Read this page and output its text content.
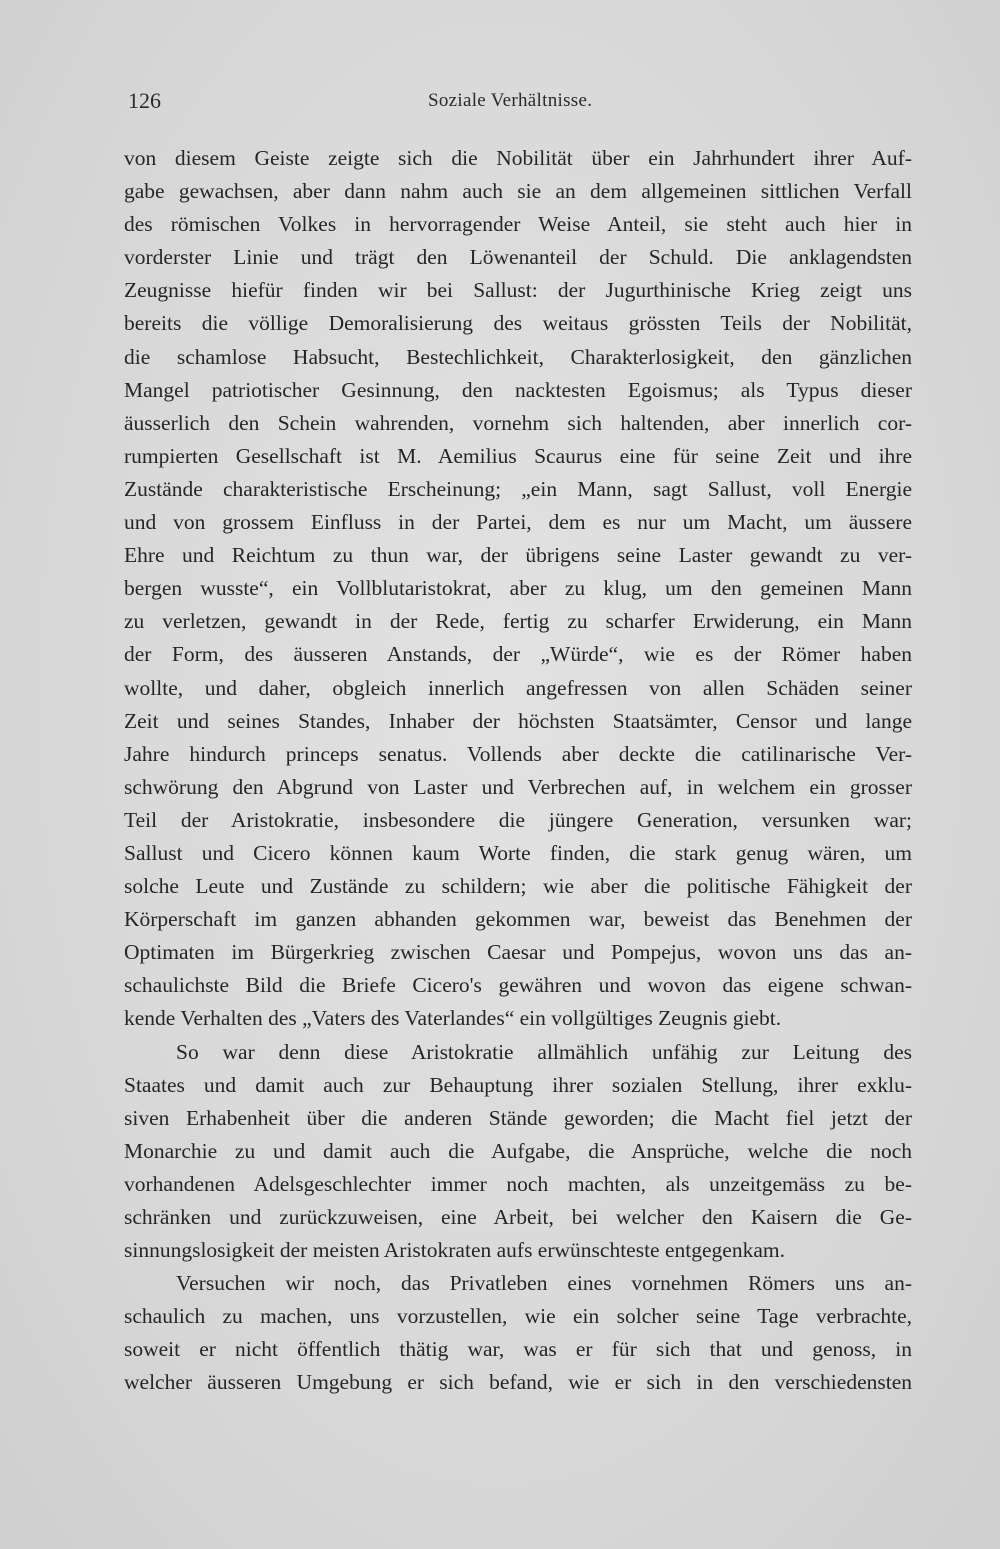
126	Soziale Verhältnisse.
von diesem Geiste zeigte sich die Nobilität über ein Jahrhundert ihrer Auf-
gabe gewachsen, aber dann nahm auch sie an dem allgemeinen sittlichen Verfall
des römischen Volkes in hervorragender Weise Anteil, sie steht auch hier in
vorderster Linie und trägt den Löwenanteil der Schuld. Die anklagendsten
Zeugnisse hiefür finden wir bei Sallust: der Jugurthinische Krieg zeigt uns
bereits die völlige Demoralisierung des weitaus grössten Teils der Nobilität,
die schamlose Habsucht, Bestechlichkeit, Charakterlosigkeit, den gänzlichen
Mangel patriotischer Gesinnung, den nacktesten Egoismus; als Typus dieser
äusserlich den Schein wahrenden, vornehm sich haltenden, aber innerlich cor-
rumpierten Gesellschaft ist M. Aemilius Scaurus eine für seine Zeit und ihre
Zustände charakteristische Erscheinung; „ein Mann, sagt Sallust, voll Energie
und von grossem Einfluss in der Partei, dem es nur um Macht, um äussere
Ehre und Reichtum zu thun war, der übrigens seine Laster gewandt zu ver-
bergen wusste“, ein Vollblutaristokrat, aber zu klug, um den gemeinen Mann
zu verletzen, gewandt in der Rede, fertig zu scharfer Erwiderung, ein Mann
der Form, des äusseren Anstands, der „Würde“, wie es der Römer haben
wollte, und daher, obgleich innerlich angefressen von allen Schäden seiner
Zeit und seines Standes, Inhaber der höchsten Staatsämter, Censor und lange
Jahre hindurch princeps senatus. Vollends aber deckte die catilinarische Ver-
schwörung den Abgrund von Laster und Verbrechen auf, in welchem ein grosser
Teil der Aristokratie, insbesondere die jüngere Generation, versunken war;
Sallust und Cicero können kaum Worte finden, die stark genug wären, um
solche Leute und Zustände zu schildern; wie aber die politische Fähigkeit der
Körperschaft im ganzen abhanden gekommen war, beweist das Benehmen der
Optimaten im Bürgerkrieg zwischen Caesar und Pompejus, wovon uns das an-
schaulichste Bild die Briefe Cicero's gewähren und wovon das eigene schwan-
kende Verhalten des „Vaters des Vaterlandes“ ein vollgültiges Zeugnis giebt.
So war denn diese Aristokratie allmählich unfähig zur Leitung des
Staates und damit auch zur Behauptung ihrer sozialen Stellung, ihrer exklu-
siven Erhabenheit über die anderen Stände geworden; die Macht fiel jetzt der
Monarchie zu und damit auch die Aufgabe, die Ansprüche, welche die noch
vorhandenen Adelsgeschlechter immer noch machten, als unzeitgemäss zu be-
schränken und zurückzuweisen, eine Arbeit, bei welcher den Kaisern die Ge-
sinnungslosigkeit der meisten Aristokraten aufs erwünschteste entgegenkam.
Versuchen wir noch, das Privatleben eines vornehmen Römers uns an-
schaulich zu machen, uns vorzustellen, wie ein solcher seine Tage verbrachte,
soweit er nicht öffentlich thätig war, was er für sich that und genoss, in
welcher äusseren Umgebung er sich befand, wie er sich in den verschiedensten
